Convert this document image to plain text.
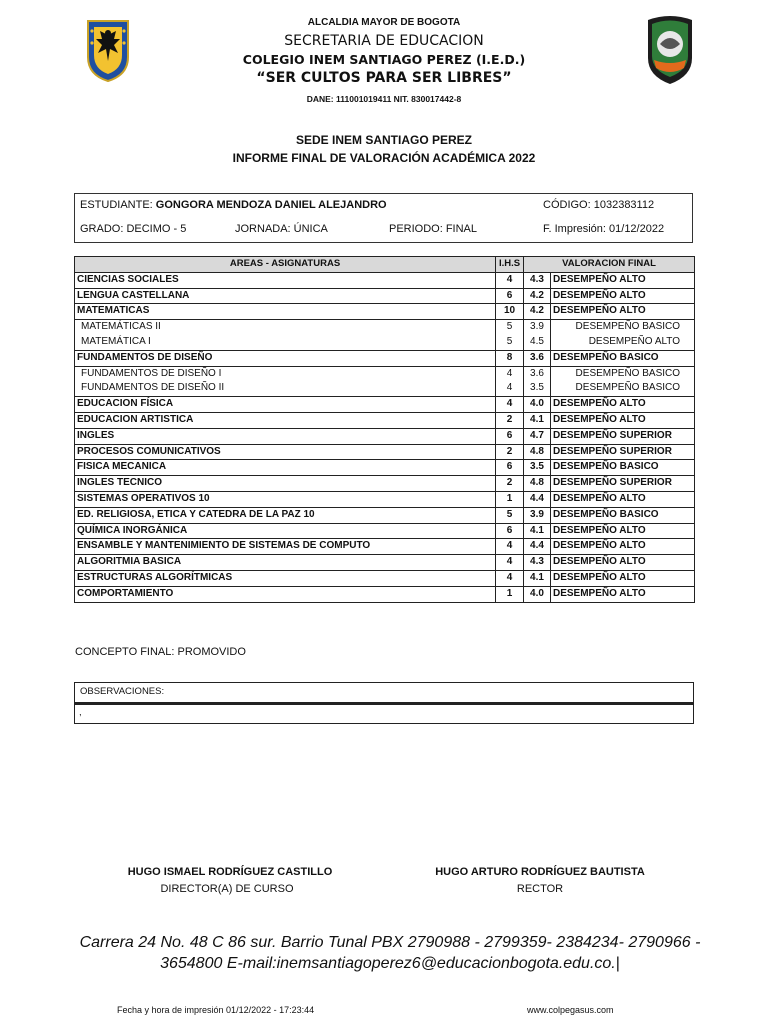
ALCALDIA MAYOR DE BOGOTA
SECRETARIA DE EDUCACION
COLEGIO INEM SANTIAGO PEREZ (I.E.D.)
“SER CULTOS PARA SER LIBRES”
DANE: 111001019411 NIT. 830017442-8
SEDE INEM SANTIAGO PEREZ
INFORME FINAL DE VALORACIÓN ACADÉMICA 2022
ESTUDIANTE: GONGORA MENDOZA DANIEL ALEJANDRO	CÓDIGO: 1032383112
GRADO: DECIMO - 5	JORNADA: ÚNICA	PERIODO: FINAL	F. Impresión: 01/12/2022
AREAS - ASIGNATURAS	I.H.S	VALORACION FINAL	
CIENCIAS SOCIALES	4	4.3	DESEMPEÑO ALTO
LENGUA CASTELLANA	6	4.2	DESEMPEÑO ALTO
MATEMATICAS	10	4.2	DESEMPEÑO ALTO
MATEMÁTICAS II	5	3.9	DESEMPEÑO BASICO
MATEMÁTICA I	5	4.5	DESEMPEÑO ALTO
FUNDAMENTOS DE DISEÑO	8	3.6	DESEMPEÑO BASICO
FUNDAMENTOS DE DISEÑO I	4	3.6	DESEMPEÑO BASICO
FUNDAMENTOS DE DISEÑO II	4	3.5	DESEMPEÑO BASICO
EDUCACION FÍSICA	4	4.0	DESEMPEÑO ALTO
EDUCACION ARTISTICA	2	4.1	DESEMPEÑO ALTO
INGLES	6	4.7	DESEMPEÑO SUPERIOR
PROCESOS COMUNICATIVOS	2	4.8	DESEMPEÑO SUPERIOR
FISICA MECANICA	6	3.5	DESEMPEÑO BASICO
INGLES TECNICO	2	4.8	DESEMPEÑO SUPERIOR
SISTEMAS OPERATIVOS 10	1	4.4	DESEMPEÑO ALTO
ED. RELIGIOSA, ETICA Y CATEDRA DE LA PAZ 10	5	3.9	DESEMPEÑO BASICO
QUÍMICA INORGÁNICA	6	4.1	DESEMPEÑO ALTO
ENSAMBLE Y MANTENIMIENTO DE SISTEMAS DE COMPUTO	4	4.4	DESEMPEÑO ALTO
ALGORITMIA BASICA	4	4.3	DESEMPEÑO ALTO
ESTRUCTURAS ALGORÍTMICAS	4	4.1	DESEMPEÑO ALTO
COMPORTAMIENTO	1	4.0	DESEMPEÑO ALTO
CONCEPTO FINAL: PROMOVIDO
OBSERVACIONES:
,
HUGO ISMAEL RODRÍGUEZ CASTILLO
DIRECTOR(A) DE CURSO
HUGO ARTURO RODRÍGUEZ BAUTISTA
RECTOR
Carrera 24 No. 48 C 86 sur. Barrio Tunal PBX 2790988 - 2799359- 2384234- 2790966 -
3654800 E-mail:inemsantiagoperez6@educacionbogota.edu.co.|
Fecha y hora de impresión 01/12/2022 - 17:23:44	www.colpegasus.com
